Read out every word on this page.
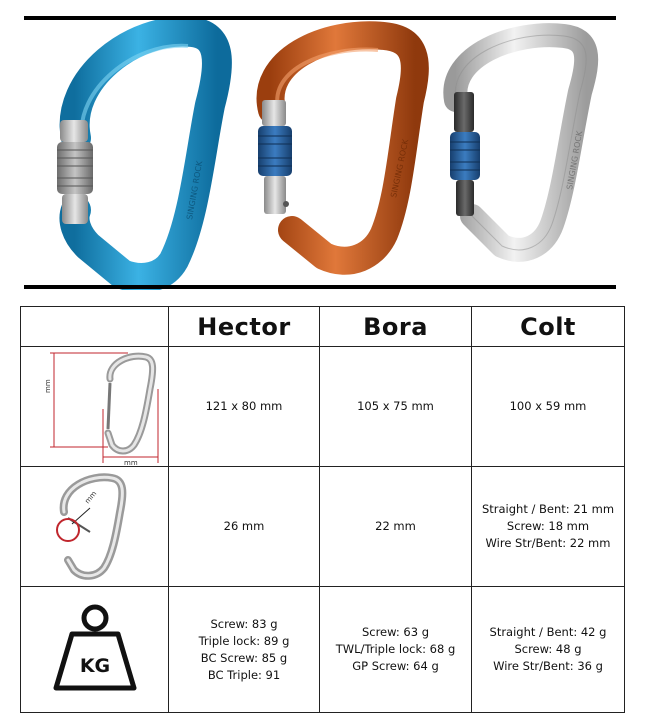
SINGING ROCK	SINGING ROCK	SINGING ROCK
	Hector	Bora	Colt

mm
mm	121 x 80 mm	105 x 75 mm	100 x 59 mm

mm	26 mm	22 mm	Straight / Bent: 21 mm
Screw: 18 mm
Wire Str/Bent: 22 mm

KG	Screw: 83 g
Triple lock: 89 g
BC Screw: 85 g
BC Triple: 91	Screw: 63 g
TWL/Triple lock: 68 g
GP Screw: 64 g	Straight / Bent: 42 g
Screw: 48 g
Wire Str/Bent: 36 g
